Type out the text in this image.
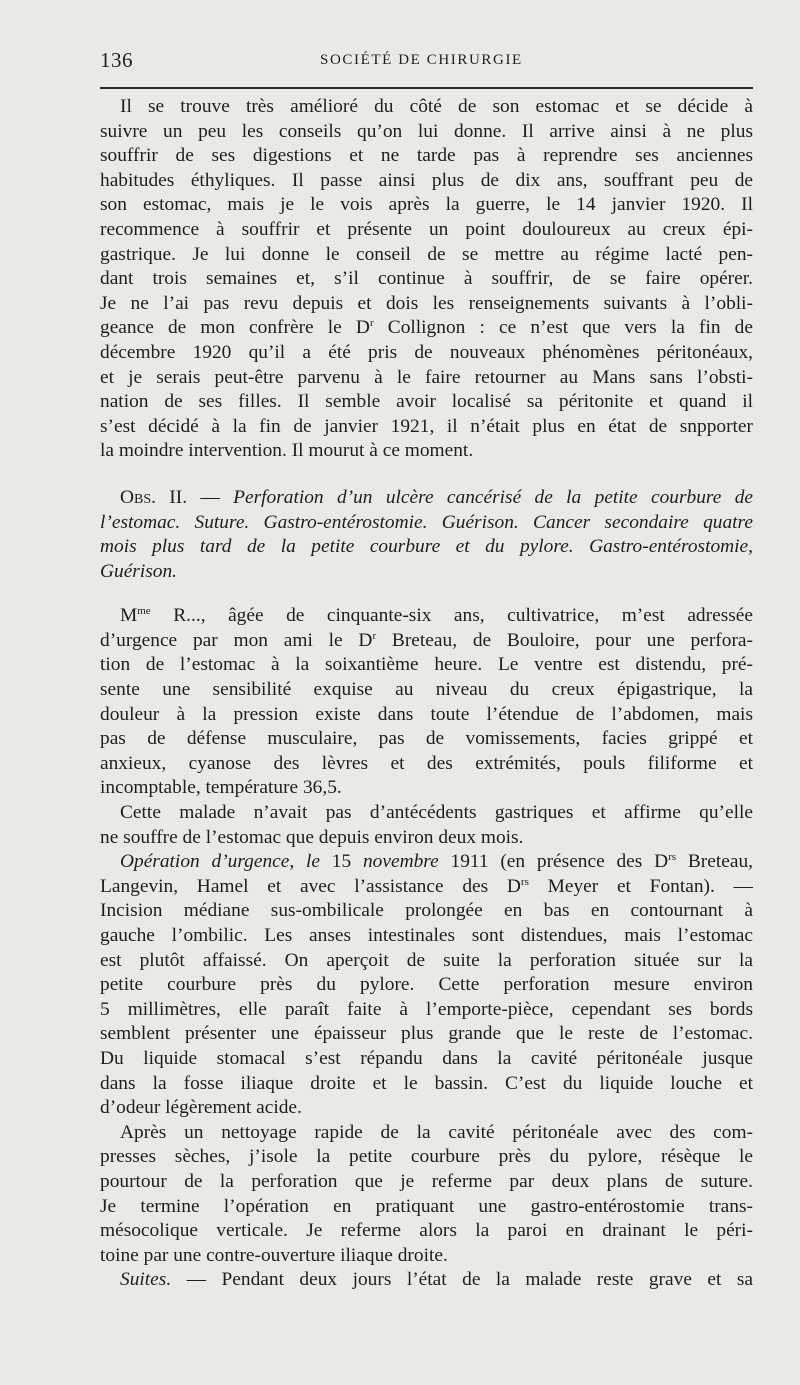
136	SOCIÉTÉ DE CHIRURGIE
Il se trouve très amélioré du côté de son estomac et se décide à
suivre un peu les conseils qu’on lui donne. Il arrive ainsi à ne plus
souffrir de ses digestions et ne tarde pas à reprendre ses anciennes
habitudes éthyliques. Il passe ainsi plus de dix ans, souffrant peu de
son estomac, mais je le vois après la guerre, le 14 janvier 1920. Il
recommence à souffrir et présente un point douloureux au creux épi-
gastrique. Je lui donne le conseil de se mettre au régime lacté pen-
dant trois semaines et, s’il continue à souffrir, de se faire opérer.
Je ne l’ai pas revu depuis et dois les renseignements suivants à l’obli-
geance de mon confrère le $D^r$ Collignon : ce n’est que vers la fin de
décembre 1920 qu’il a été pris de nouveaux phénomènes péritonéaux,
et je serais peut-être parvenu à le faire retourner au Mans sans l’obsti-
nation de ses filles. Il semble avoir localisé sa péritonite et quand il
s’est décidé à la fin de janvier 1921, il n’était plus en état de snpporter
la moindre intervention. Il mourut à ce moment.
Obs. II. — Perforation d’un ulcère cancérisé de la petite courbure de
l’estomac. Suture. Gastro-entérostomie. Guérison. Cancer secondaire quatre
mois plus tard de la petite courbure et du pylore. Gastro-entérostomie,
Guérison.
$M^{me}$ R..., âgée de cinquante-six ans, cultivatrice, m’est adressée
d’urgence par mon ami le $D^r$ Breteau, de Bouloire, pour une perfora-
tion de l’estomac à la soixantième heure. Le ventre est distendu, pré-
sente une sensibilité exquise au niveau du creux épigastrique, la
douleur à la pression existe dans toute l’étendue de l’abdomen, mais
pas de défense musculaire, pas de vomissements, facies grippé et
anxieux, cyanose des lèvres et des extrémités, pouls filiforme et
incomptable, température 36,5.
Cette malade n’avait pas d’antécédents gastriques et affirme qu’elle
ne souffre de l’estomac que depuis environ deux mois.
Opération d’urgence, le 15 novembre 1911 (en présence des $D^{rs}$ Breteau,
Langevin, Hamel et avec l’assistance des $D^{rs}$ Meyer et Fontan). —
Incision médiane sus-ombilicale prolongée en bas en contournant à
gauche l’ombilic. Les anses intestinales sont distendues, mais l’estomac
est plutôt affaissé. On aperçoit de suite la perforation située sur la
petite courbure près du pylore. Cette perforation mesure environ
5 millimètres, elle paraît faite à l’emporte-pièce, cependant ses bords
semblent présenter une épaisseur plus grande que le reste de l’estomac.
Du liquide stomacal s’est répandu dans la cavité péritonéale jusque
dans la fosse iliaque droite et le bassin. C’est du liquide louche et
d’odeur légèrement acide.
Après un nettoyage rapide de la cavité péritonéale avec des com-
presses sèches, j’isole la petite courbure près du pylore, résèque le
pourtour de la perforation que je referme par deux plans de suture.
Je termine l’opération en pratiquant une gastro-entérostomie trans-
mésocolique verticale. Je referme alors la paroi en drainant le péri-
toine par une contre-ouverture iliaque droite.
Suites. — Pendant deux jours l’état de la malade reste grave et sa
